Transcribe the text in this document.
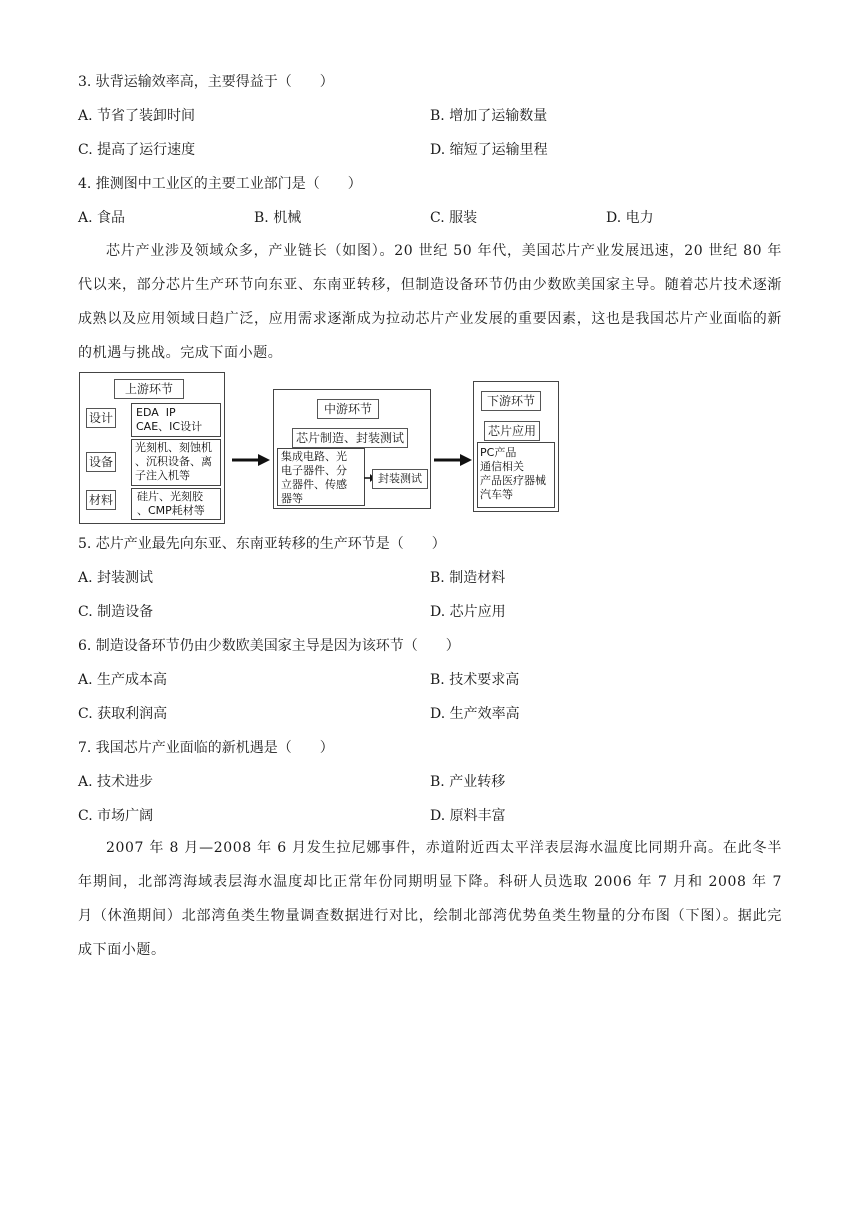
3. 驮背运输效率高，主要得益于（　　）
A. 节省了装卸时间	B. 增加了运输数量
C. 提高了运行速度	D. 缩短了运输里程
4. 推测图中工业区的主要工业部门是（　　）
A. 食品	B. 机械	C. 服装	D. 电力
芯片产业涉及领域众多，产业链长（如图）。20 世纪 50 年代，美国芯片产业发展迅速，20 世纪 80 年代以来，部分芯片生产环节向东亚、东南亚转移，但制造设备环节仍由少数欧美国家主导。随着芯片技术逐渐成熟以及应用领域日趋广泛，应用需求逐渐成为拉动芯片产业发展的重要因素，这也是我国芯片产业面临的新的机遇与挑战。完成下面小题。
上游环节
设计 EDA  IP
CAE、IC设计
设备
光刻机、刻蚀机
、沉积设备、离
子注入机等
材料 硅片、光刻胶
、CMP耗材等
中游环节
芯片制造、封装测试
集成电路、光
电子器件、分
立器件、传感
器等
封装测试
下游环节
芯片应用
PC产品
通信相关
产品医疗器械
汽车等
5. 芯片产业最先向东亚、东南亚转移的生产环节是（　　）
A. 封装测试	B. 制造材料
C. 制造设备	D. 芯片应用
6. 制造设备环节仍由少数欧美国家主导是因为该环节（　　）
A. 生产成本高	B. 技术要求高
C. 获取利润高	D. 生产效率高
7. 我国芯片产业面临的新机遇是（　　）
A. 技术进步	B. 产业转移
C. 市场广阔	D. 原料丰富
2007 年 8 月—2008 年 6 月发生拉尼娜事件，赤道附近西太平洋表层海水温度比同期升高。在此冬半年期间，北部湾海域表层海水温度却比正常年份同期明显下降。科研人员选取 2006 年 7 月和 2008 年 7 月（休渔期间）北部湾鱼类生物量调查数据进行对比，绘制北部湾优势鱼类生物量的分布图（下图）。据此完成下面小题。
